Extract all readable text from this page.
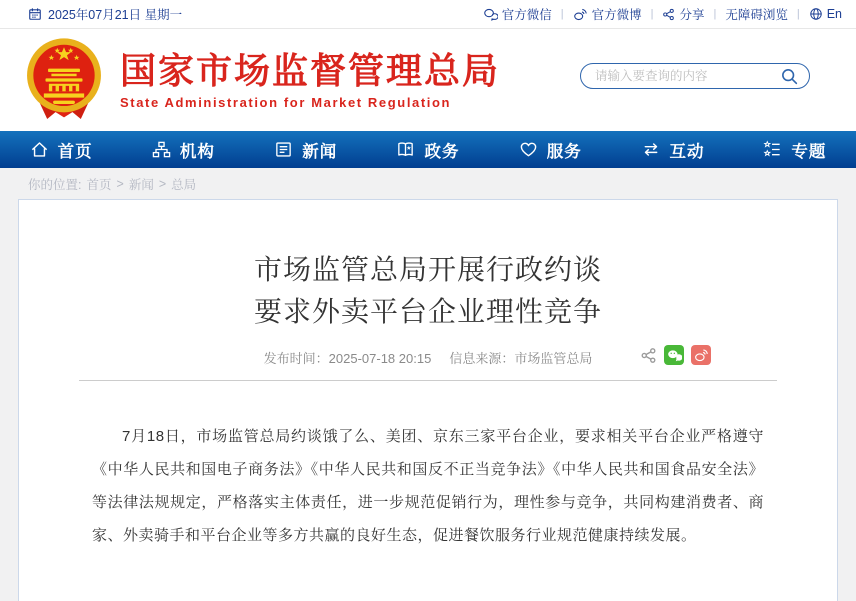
2025年07月21日 星期一	官方微信 | 官方微博 | 分享 | 无障碍浏览 | En
国家市场监督管理总局
State Administration for Market Regulation
请输入要查询的内容
首页	机构	新闻	政务	服务	互动	专题
你的位置: 首页 > 新闻 > 总局
市场监管总局开展行政约谈
要求外卖平台企业理性竞争
发布时间：2025-07-18 20:15 信息来源：市场监管总局

7月18日，市场监管总局约谈饿了么、美团、京东三家平台企业，要求相关平台企业严格遵守《中华人民共和国电子商务法》《中华人民共和国反不正当竞争法》《中华人民共和国食品安全法》等法律法规规定，严格落实主体责任，进一步规范促销行为，理性参与竞争，共同构建消费者、商家、外卖骑手和平台企业等多方共赢的良好生态，促进餐饮服务行业规范健康持续发展。
